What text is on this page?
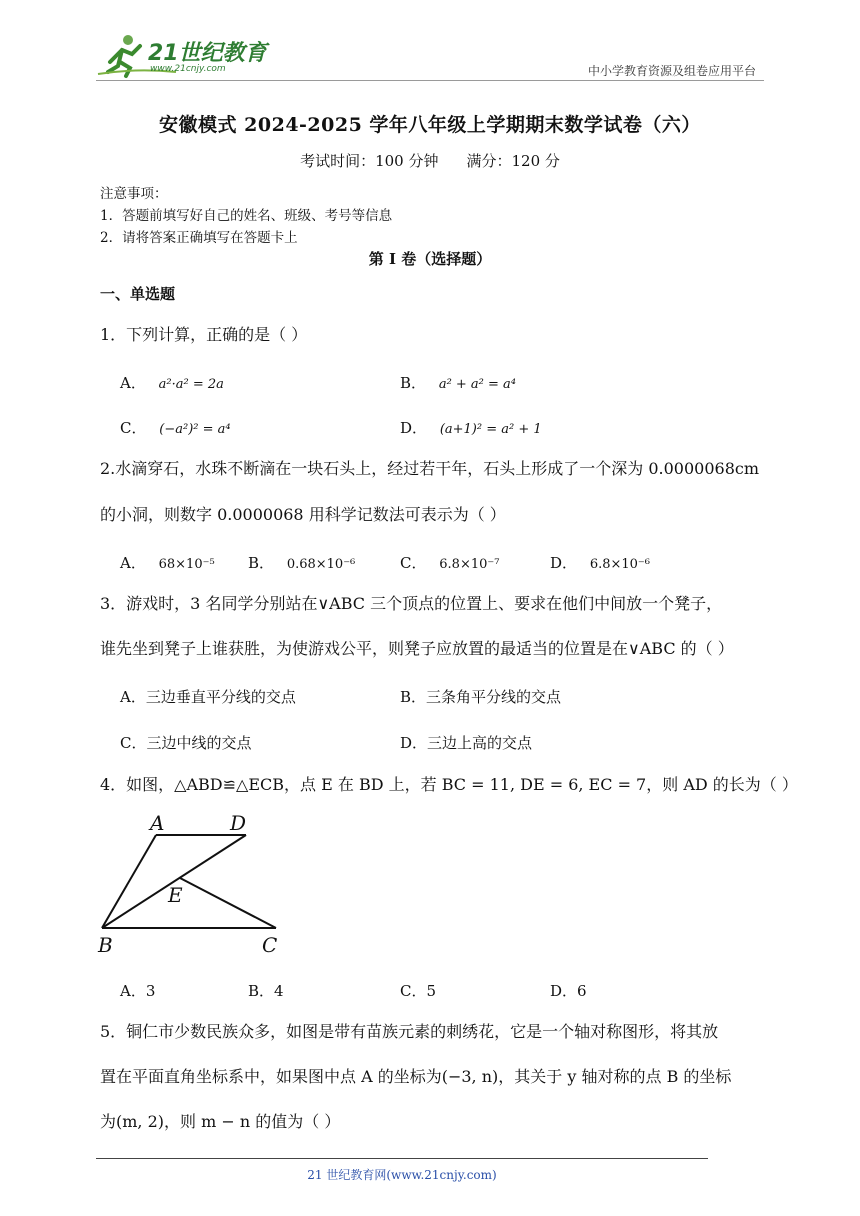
21世纪教育
www.21cnjy.com	中小学教育资源及组卷应用平台
安徽模式 2024-2025 学年八年级上学期期末数学试卷（六）
考试时间：100 分钟 满分：120 分
注意事项：
1．答题前填写好自己的姓名、班级、考号等信息
2．请将答案正确填写在答题卡上
第 I 卷（选择题）
一、单选题
1．下列计算，正确的是（ ）
A． a²·a² = 2a	B． a² + a² = a⁴
C． (−a²)² = a⁴	D． (a+1)² = a² + 1
2.水滴穿石，水珠不断滴在一块石头上，经过若干年，石头上形成了一个深为 0.0000068cm
的小洞，则数字 0.0000068 用科学记数法可表示为（ ）
A． 68×10⁻⁵ B． 0.68×10⁻⁶	C． 6.8×10⁻⁷	D． 6.8×10⁻⁶
3．游戏时，3 名同学分别站在∨ABC 三个顶点的位置上、要求在他们中间放一个凳子，
谁先坐到凳子上谁获胜，为使游戏公平，则凳子应放置的最适当的位置是在∨ABC 的（ ）
A．三边垂直平分线的交点	B．三条角平分线的交点
C．三边中线的交点	D．三边上高的交点
4．如图，△ABD≌△ECB，点 E 在 BD 上，若 BC = 11, DE = 6, EC = 7，则 AD 的长为（ ）
A	D
E
B	C
A．3	B．4	C．5	D．6
5．铜仁市少数民族众多，如图是带有苗族元素的刺绣花，它是一个轴对称图形，将其放
置在平面直角坐标系中，如果图中点 A 的坐标为(−3, n)，其关于 y 轴对称的点 B 的坐标
为(m, 2)，则 m − n 的值为（ ）
21 世纪教育网(www.21cnjy.com)
